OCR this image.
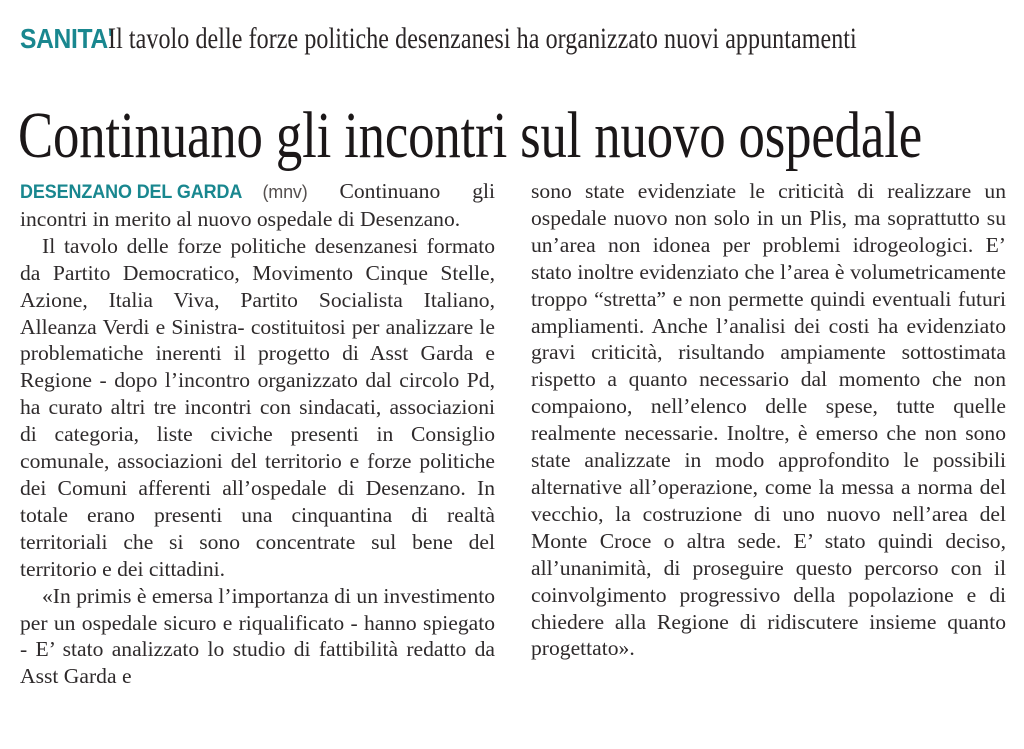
SANITA'
Il tavolo delle forze politiche desenzanesi ha organizzato nuovi appuntamenti
Continuano gli incontri sul nuovo ospedale

DESENZANO DEL GARDA (mnv) Continuano gli incontri in merito al nuovo ospedale di Desenzano.

Il tavolo delle forze politiche desenzanesi formato da Partito Democratico, Movimento Cinque Stelle, Azione, Italia Viva, Partito Socialista Italiano, Alleanza Verdi e Sinistra- costituitosi per analizzare le problematiche inerenti il progetto di Asst Garda e Regione - dopo l’incontro organizzato dal circolo Pd, ha curato altri tre incontri con sindacati, associazioni di categoria, liste civiche presenti in Consiglio comunale, associazioni del territorio e forze politiche dei Comuni afferenti all’ospedale di Desenzano. In totale erano presenti una cinquantina di realtà territoriali che si sono concentrate sul bene del territorio e dei cittadini.

«In primis è emersa l’importanza di un investimento per un ospedale sicuro e riqualificato - hanno spiegato - E’ stato analizzato lo studio di fattibilità redatto da Asst Garda e

sono state evidenziate le criticità di realizzare un ospedale nuovo non solo in un Plis, ma soprattutto su un’area non idonea per problemi idrogeologici. E’ stato inoltre evidenziato che l’area è volumetricamente troppo “stretta” e non permette quindi eventuali futuri ampliamenti. Anche l’analisi dei costi ha evidenziato gravi criticità, risultando ampiamente sottostimata rispetto a quanto necessario dal momento che non compaiono, nell’elenco delle spese, tutte quelle realmente necessarie. Inoltre, è emerso che non sono state analizzate in modo approfondito le possibili alternative all’operazione, come la messa a norma del vecchio, la costruzione di uno nuovo nell’area del Monte Croce o altra sede. E’ stato quindi deciso, all’unanimità, di proseguire questo percorso con il coinvolgimento progressivo della popolazione e di chiedere alla Regione di ridiscutere insieme quanto progettato».
